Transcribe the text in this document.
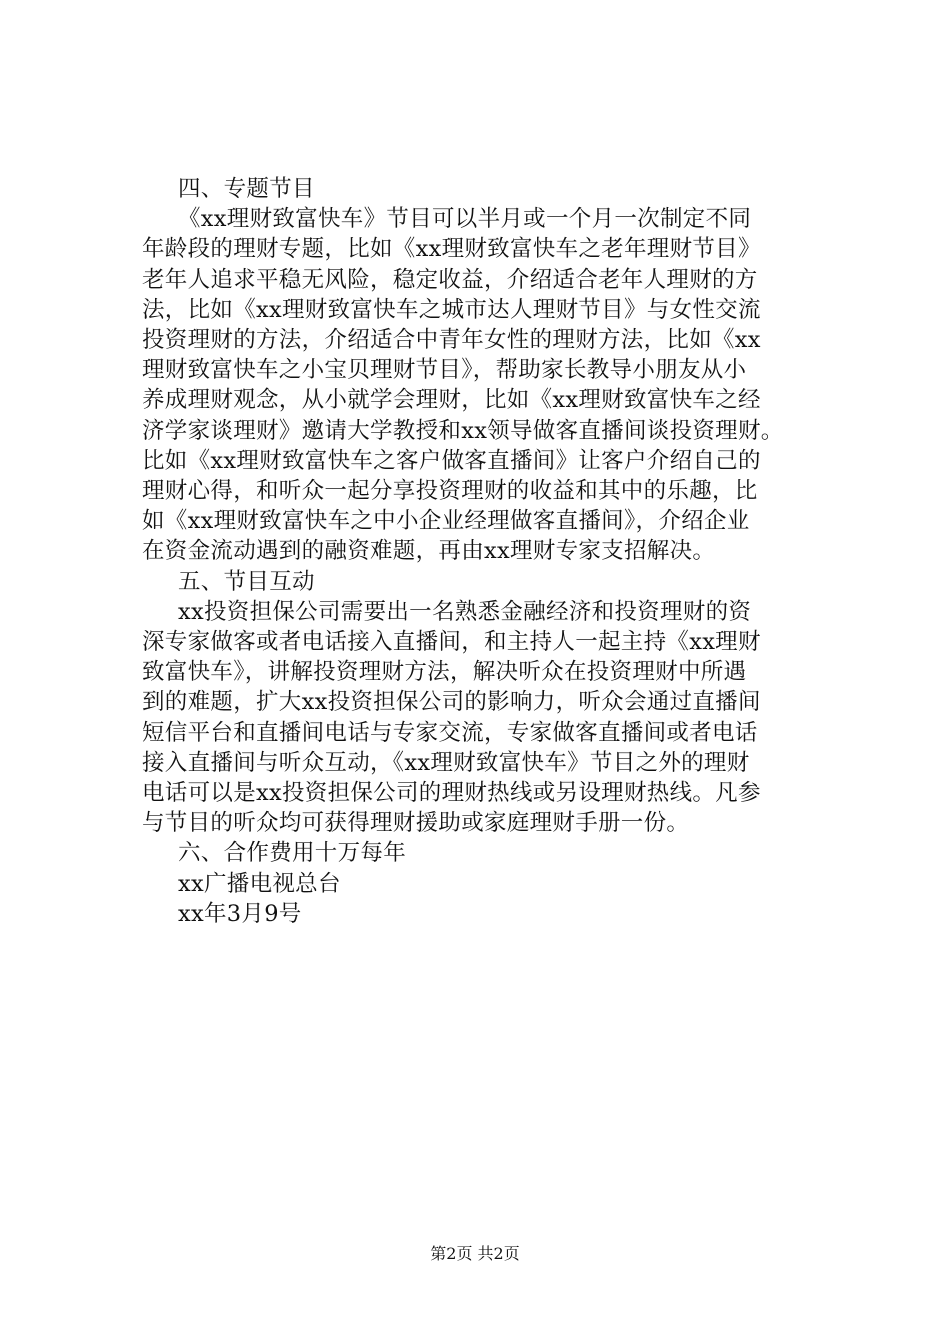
四、专题节目

《xx理财致富快车》节目可以半月或一个月一次制定不同

年龄段的理财专题，比如《xx理财致富快车之老年理财节目》

老年人追求平稳无风险，稳定收益，介绍适合老年人理财的方

法，比如《xx理财致富快车之城市达人理财节目》与女性交流

投资理财的方法，介绍适合中青年女性的理财方法，比如《xx

理财致富快车之小宝贝理财节目》，帮助家长教导小朋友从小

养成理财观念，从小就学会理财，比如《xx理财致富快车之经

济学家谈理财》邀请大学教授和xx领导做客直播间谈投资理财。

比如《xx理财致富快车之客户做客直播间》让客户介绍自己的

理财心得，和听众一起分享投资理财的收益和其中的乐趣，比

如《xx理财致富快车之中小企业经理做客直播间》，介绍企业

在资金流动遇到的融资难题，再由xx理财专家支招解决。

五、节目互动

xx投资担保公司需要出一名熟悉金融经济和投资理财的资

深专家做客或者电话接入直播间，和主持人一起主持《xx理财

致富快车》，讲解投资理财方法，解决听众在投资理财中所遇

到的难题，扩大xx投资担保公司的影响力，听众会通过直播间

短信平台和直播间电话与专家交流，专家做客直播间或者电话

接入直播间与听众互动，《xx理财致富快车》节目之外的理财

电话可以是xx投资担保公司的理财热线或另设理财热线。凡参

与节目的听众均可获得理财援助或家庭理财手册一份。

六、合作费用十万每年

xx广播电视总台

xx年3月9号

第2页 共2页
